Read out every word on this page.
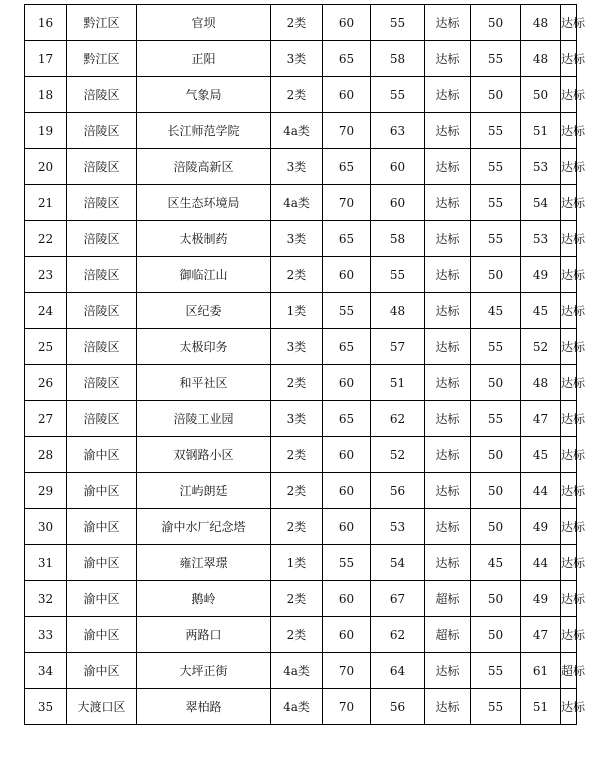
16	黔江区	官坝	2类	60	55	达标	50	48	达标
17	黔江区	正阳	3类	65	58	达标	55	48	达标
18	涪陵区	气象局	2类	60	55	达标	50	50	达标
19	涪陵区	长江师范学院	4a类	70	63	达标	55	51	达标
20	涪陵区	涪陵高新区	3类	65	60	达标	55	53	达标
21	涪陵区	区生态环境局	4a类	70	60	达标	55	54	达标
22	涪陵区	太极制药	3类	65	58	达标	55	53	达标
23	涪陵区	御临江山	2类	60	55	达标	50	49	达标
24	涪陵区	区纪委	1类	55	48	达标	45	45	达标
25	涪陵区	太极印务	3类	65	57	达标	55	52	达标
26	涪陵区	和平社区	2类	60	51	达标	50	48	达标
27	涪陵区	涪陵工业园	3类	65	62	达标	55	47	达标
28	渝中区	双钢路小区	2类	60	52	达标	50	45	达标
29	渝中区	江屿朗廷	2类	60	56	达标	50	44	达标
30	渝中区	渝中水厂纪念塔	2类	60	53	达标	50	49	达标
31	渝中区	雍江翠璟	1类	55	54	达标	45	44	达标
32	渝中区	鹅岭	2类	60	67	超标	50	49	达标
33	渝中区	两路口	2类	60	62	超标	50	47	达标
34	渝中区	大坪正街	4a类	70	64	达标	55	61	超标
35	大渡口区	翠柏路	4a类	70	56	达标	55	51	达标
